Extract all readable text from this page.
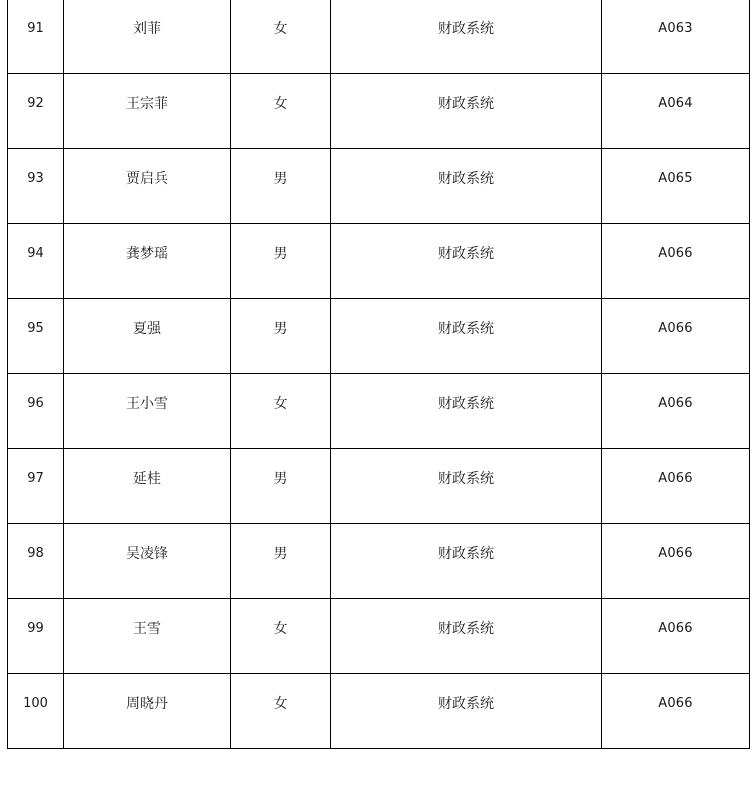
91	刘菲	女	财政系统	A063

92	王宗菲	女	财政系统	A064

93	贾启兵	男	财政系统	A065

94	龚梦瑶	男	财政系统	A066

95	夏强	男	财政系统	A066

96	王小雪	女	财政系统	A066

97	延桂	男	财政系统	A066

98	吴凌锋	男	财政系统	A066

99	王雪	女	财政系统	A066

100	周晓丹	女	财政系统	A066
